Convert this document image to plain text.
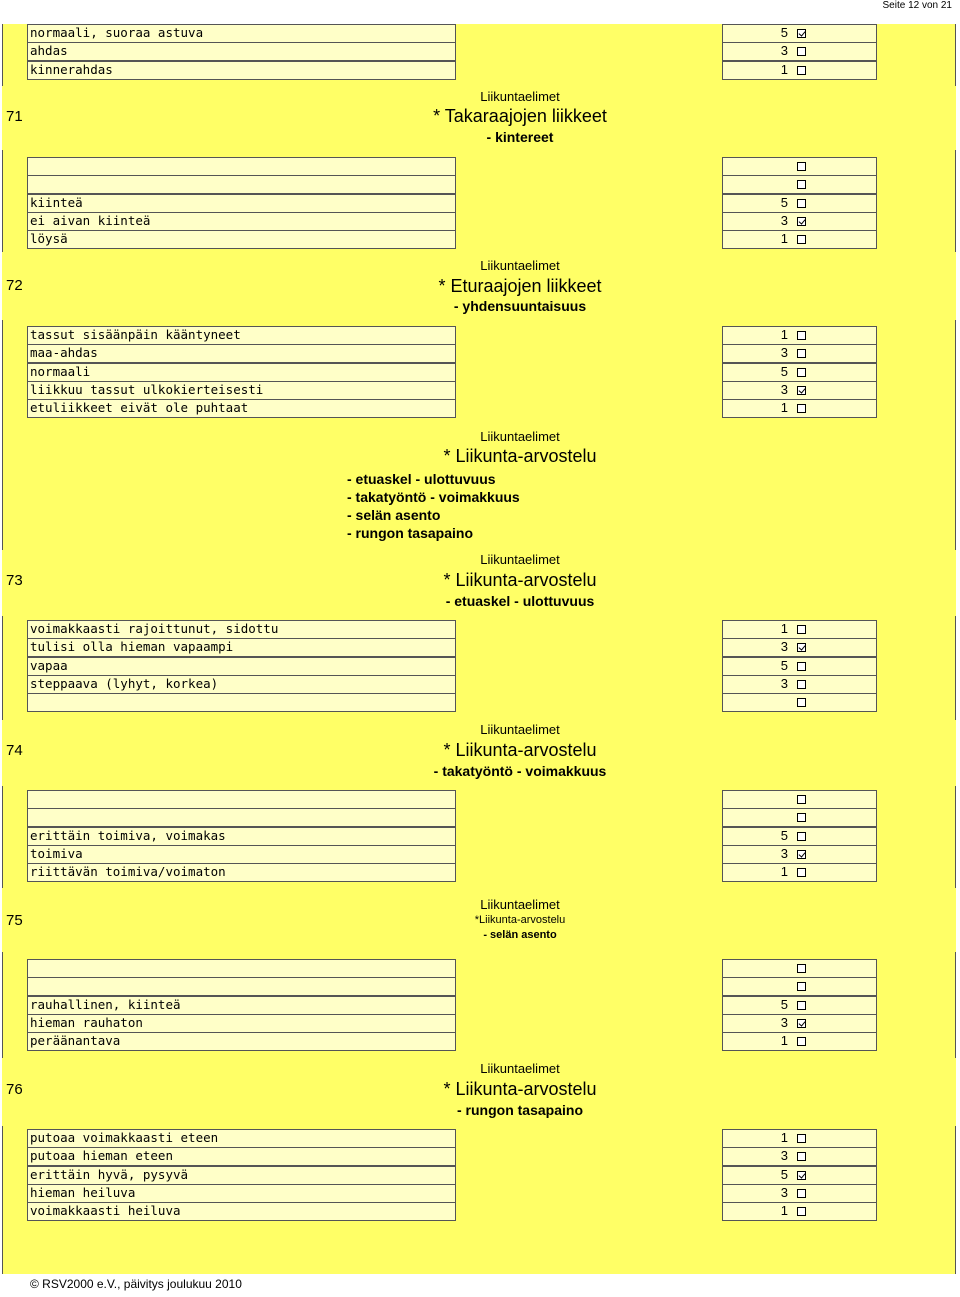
Seite 12 von 21
normaali, suoraa astuva	5
ahdas	3
kinnerahdas	1
kiinteä	5
ei aivan kiinteä	3
löysä	1
tassut sisäänpäin kääntyneet	1
maa-ahdas	3
normaali	5
liikkuu tassut ulkokierteisesti	3
etuliikkeet eivät ole puhtaat	1
voimakkaasti rajoittunut, sidottu	1
tulisi olla hieman vapaampi	3
vapaa	5
steppaava (lyhyt, korkea)	3
erittäin toimiva, voimakas	5
toimiva	3
riittävän toimiva/voimaton	1
rauhallinen, kiinteä	5
hieman rauhaton	3
peräänantava	1
putoaa voimakkaasti eteen	1
putoaa hieman eteen	3
erittäin hyvä, pysyvä	5
hieman heiluva	3
voimakkaasti heiluva	1
Liikuntaelimet
71	* Takaraajojen liikkeet
- kintereet
Liikuntaelimet
72	* Eturaajojen liikkeet
- yhdensuuntaisuus
Liikuntaelimet
* Liikunta-arvostelu
- etuaskel - ulottuvuus
- takatyöntö - voimakkuus
- selän asento
- rungon tasapaino
Liikuntaelimet
73	* Liikunta-arvostelu
- etuaskel - ulottuvuus
Liikuntaelimet
74	* Liikunta-arvostelu
- takatyöntö - voimakkuus
Liikuntaelimet
75	*Liikunta-arvostelu
- selän asento
Liikuntaelimet
76	* Liikunta-arvostelu
- rungon tasapaino
© RSV2000 e.V., päivitys joulukuu 2010
